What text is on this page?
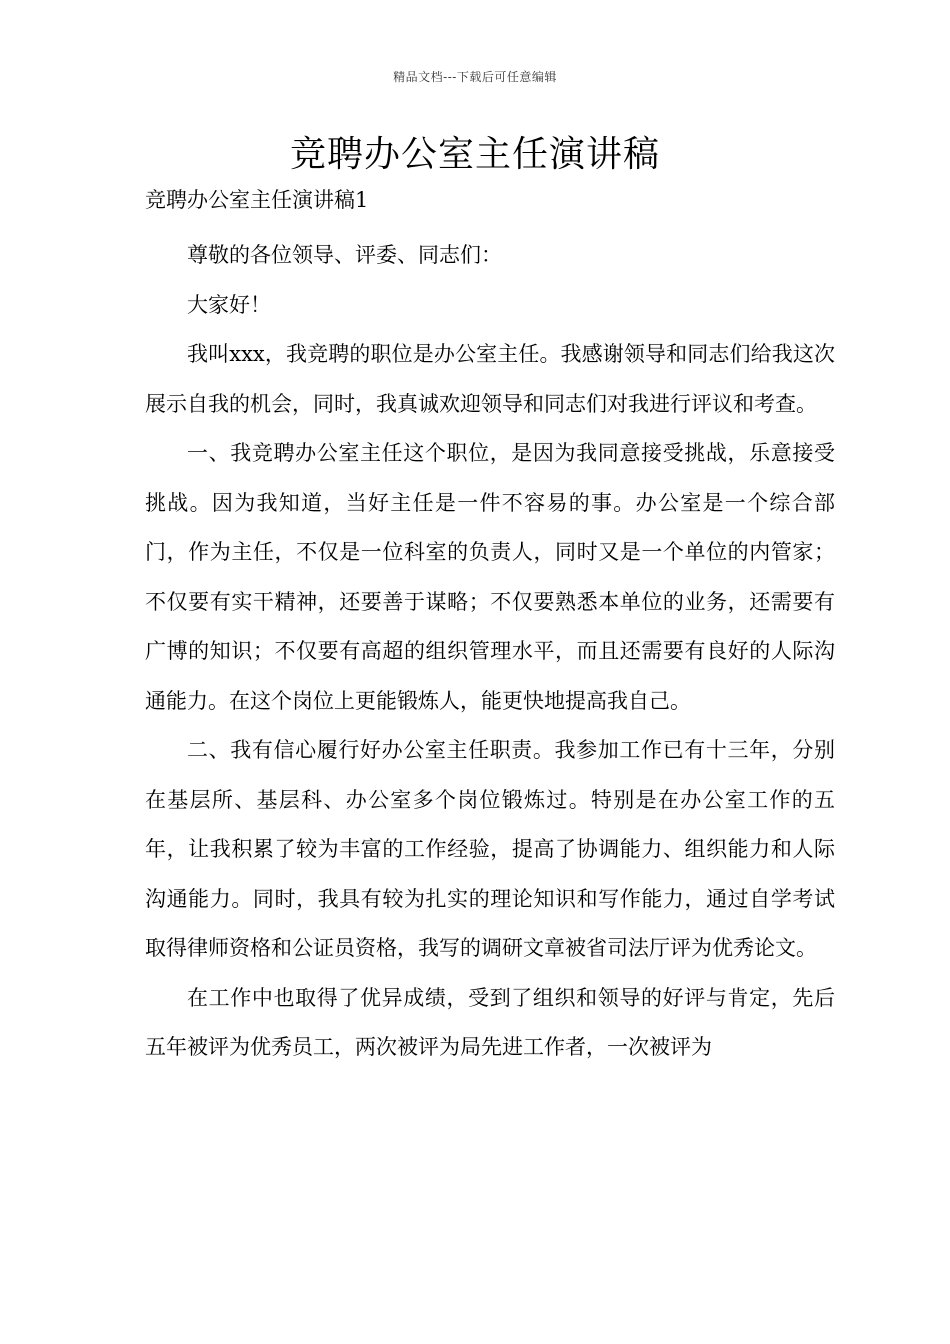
精品文档---下载后可任意编辑
竞聘办公室主任演讲稿

竞聘办公室主任演讲稿1

尊敬的各位领导、评委、同志们：

大家好！

我叫xxx，我竞聘的职位是办公室主任。我感谢领导和同志们给我这次展示自我的机会，同时，我真诚欢迎领导和同志们对我进行评议和考查。

一、我竞聘办公室主任这个职位，是因为我同意接受挑战，乐意接受挑战。因为我知道，当好主任是一件不容易的事。办公室是一个综合部门，作为主任，不仅是一位科室的负责人，同时又是一个单位的内管家；不仅要有实干精神，还要善于谋略；不仅要熟悉本单位的业务，还需要有广博的知识；不仅要有高超的组织管理水平，而且还需要有良好的人际沟通能力。在这个岗位上更能锻炼人，能更快地提高我自己。

二、我有信心履行好办公室主任职责。我参加工作已有十三年，分别在基层所、基层科、办公室多个岗位锻炼过。特别是在办公室工作的五年，让我积累了较为丰富的工作经验，提高了协调能力、组织能力和人际沟通能力。同时，我具有较为扎实的理论知识和写作能力，通过自学考试取得律师资格和公证员资格，我写的调研文章被省司法厅评为优秀论文。

在工作中也取得了优异成绩，受到了组织和领导的好评与肯定，先后五年被评为优秀员工，两次被评为局先进工作者，一次被评为
